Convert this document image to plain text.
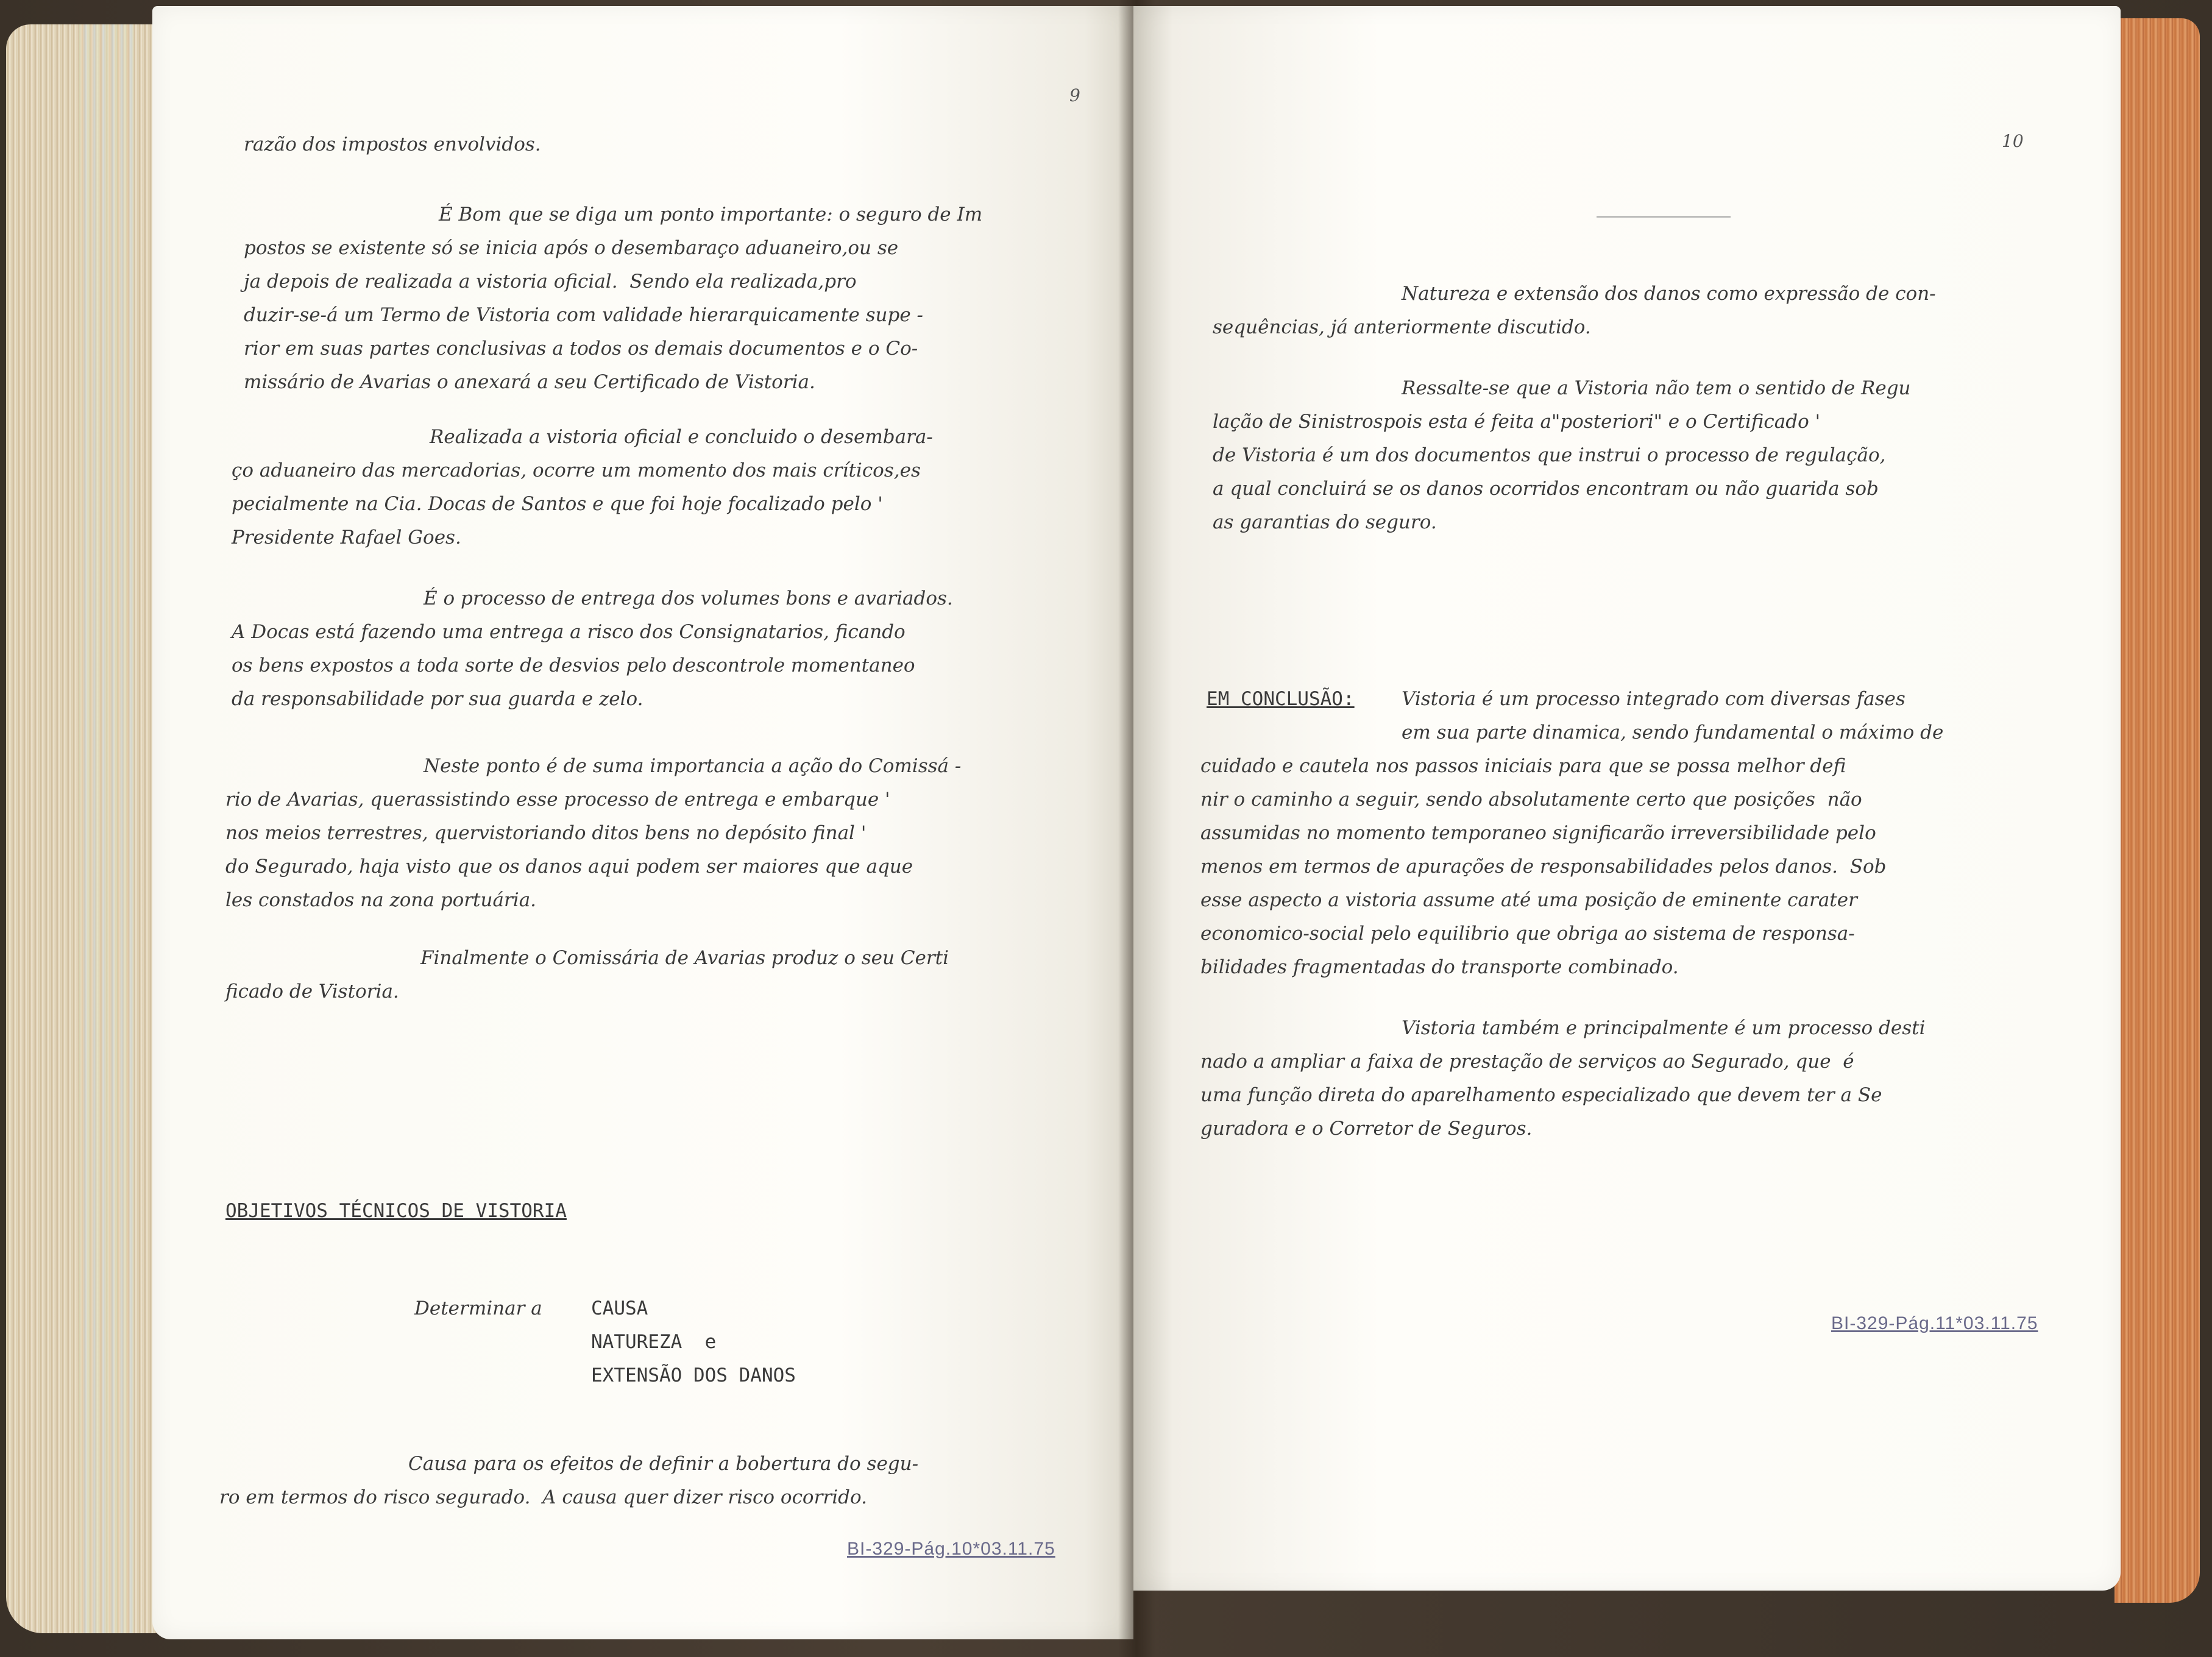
9

razão dos impostos envolvidos.

É Bom que se diga um ponto importante: o seguro de Im

postos se existente só se inicia após o desembaraço aduaneiro,ou se

ja depois de realizada a vistoria oficial.  Sendo ela realizada,pro

duzir-se-á um Termo de Vistoria com validade hierarquicamente supe -

rior em suas partes conclusivas a todos os demais documentos e o Co-

missário de Avarias o anexará a seu Certificado de Vistoria.

Realizada a vistoria oficial e concluido o desembara-

ço aduaneiro das mercadorias, ocorre um momento dos mais críticos,es

pecialmente na Cia. Docas de Santos e que foi hoje focalizado pelo '

Presidente Rafael Goes.

É o processo de entrega dos volumes bons e avariados.

A Docas está fazendo uma entrega a risco dos Consignatarios, ficando

os bens expostos a toda sorte de desvios pelo descontrole momentaneo

da responsabilidade por sua guarda e zelo.

Neste ponto é de suma importancia a ação do Comissá -

rio de Avarias, querassistindo esse processo de entrega e embarque '

nos meios terrestres, quervistoriando ditos bens no depósito final '

do Segurado, haja visto que os danos aqui podem ser maiores que aque

les constados na zona portuária.

Finalmente o Comissária de Avarias produz o seu Certi

ficado de Vistoria.

OBJETIVOS TÉCNICOS DE VISTORIA

Determinar a	CAUSA

NATUREZA  e

EXTENSÃO DOS DANOS

Causa para os efeitos de definir a bobertura do segu-

ro em termos do risco segurado.  A causa quer dizer risco ocorrido.

BI-329-Pág.10*03.11.75

10

Natureza e extensão dos danos como expressão de con-

sequências, já anteriormente discutido.

Ressalte-se que a Vistoria não tem o sentido de Regu

lação de Sinistrospois esta é feita a"posteriori" e o Certificado '

de Vistoria é um dos documentos que instrui o processo de regulação,

a qual concluirá se os danos ocorridos encontram ou não guarida sob

as garantias do seguro.

EM CONCLUSÃO: Vistoria é um processo integrado com diversas fases

em sua parte dinamica, sendo fundamental o máximo de

cuidado e cautela nos passos iniciais para que se possa melhor defi

nir o caminho a seguir, sendo absolutamente certo que posições  não

assumidas no momento temporaneo significarão irreversibilidade pelo

menos em termos de apurações de responsabilidades pelos danos.  Sob

esse aspecto a vistoria assume até uma posição de eminente carater

economico-social pelo equilibrio que obriga ao sistema de responsa-

bilidades fragmentadas do transporte combinado.

Vistoria também e principalmente é um processo desti

nado a ampliar a faixa de prestação de serviços ao Segurado, que  é

uma função direta do aparelhamento especializado que devem ter a Se

guradora e o Corretor de Seguros.

BI-329-Pág.11*03.11.75
